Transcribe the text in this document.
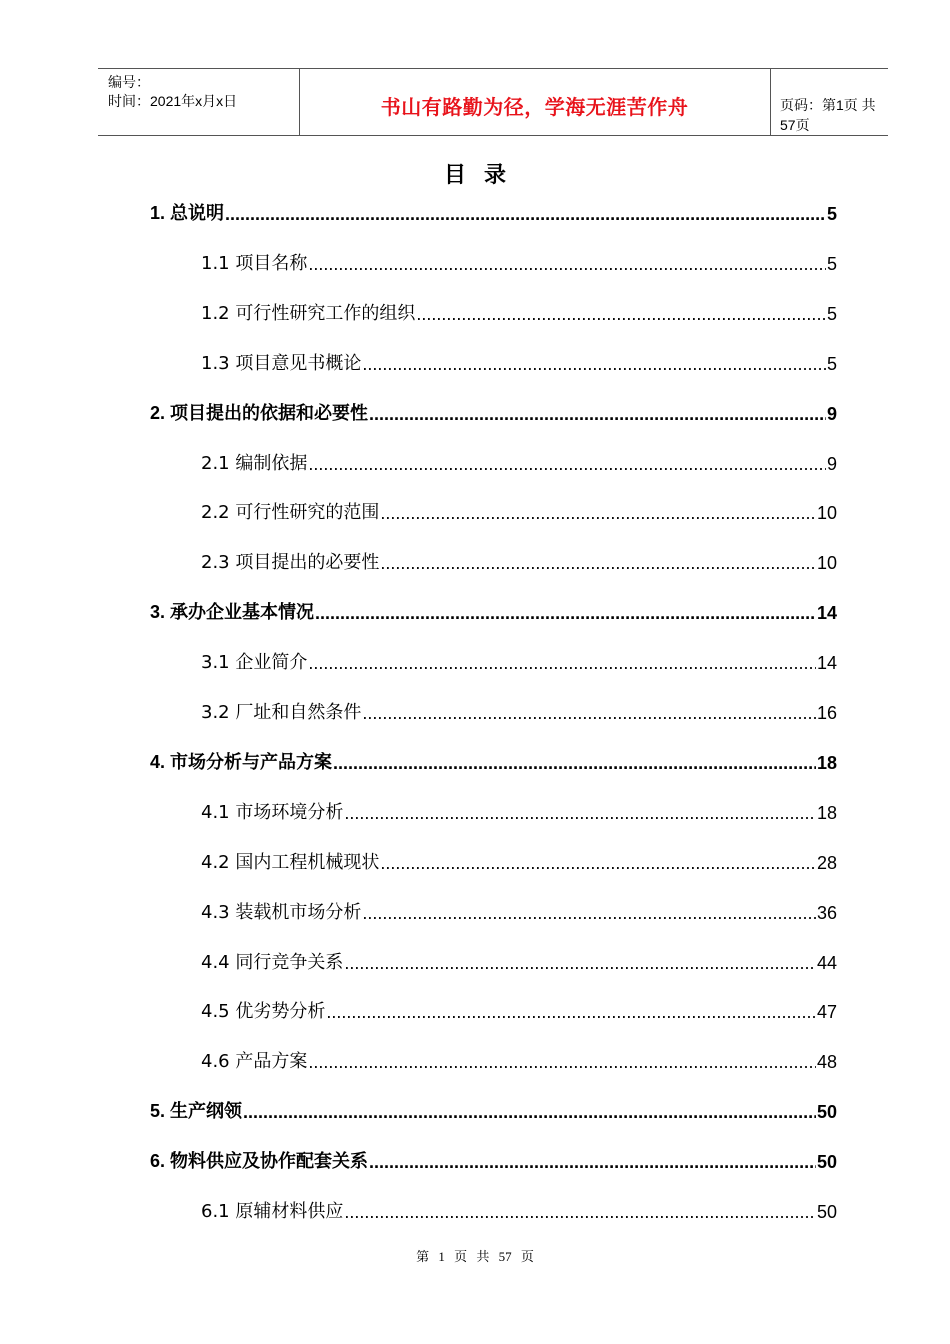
编号：
时间：2021年x月x日	书山有路勤为径，学海无涯苦作舟	页码：第1页 共57页
目录
1. 总说明 .....	5
1.1 项目名称 .....	5
1.2 可行性研究工作的组织 .....	5
1.3 项目意见书概论 .....	5
2. 项目提出的依据和必要性 .....	9
2.1 编制依据 .....	9
2.2 可行性研究的范围 .....	10
2.3 项目提出的必要性 .....	10
3. 承办企业基本情况 .....	14
3.1 企业简介 .....	14
3.2 厂址和自然条件 .....	16
4. 市场分析与产品方案 .....	18
4.1 市场环境分析 .....	18
4.2 国内工程机械现状 .....	28
4.3 装载机市场分析 .....	36
4.4 同行竞争关系 .....	44
4.5 优劣势分析 .....	47
4.6 产品方案 .....	48
5. 生产纲领 .....	50
6. 物料供应及协作配套关系 .....	50
6.1 原辅材料供应 .....	50
第 1 页 共 57 页
